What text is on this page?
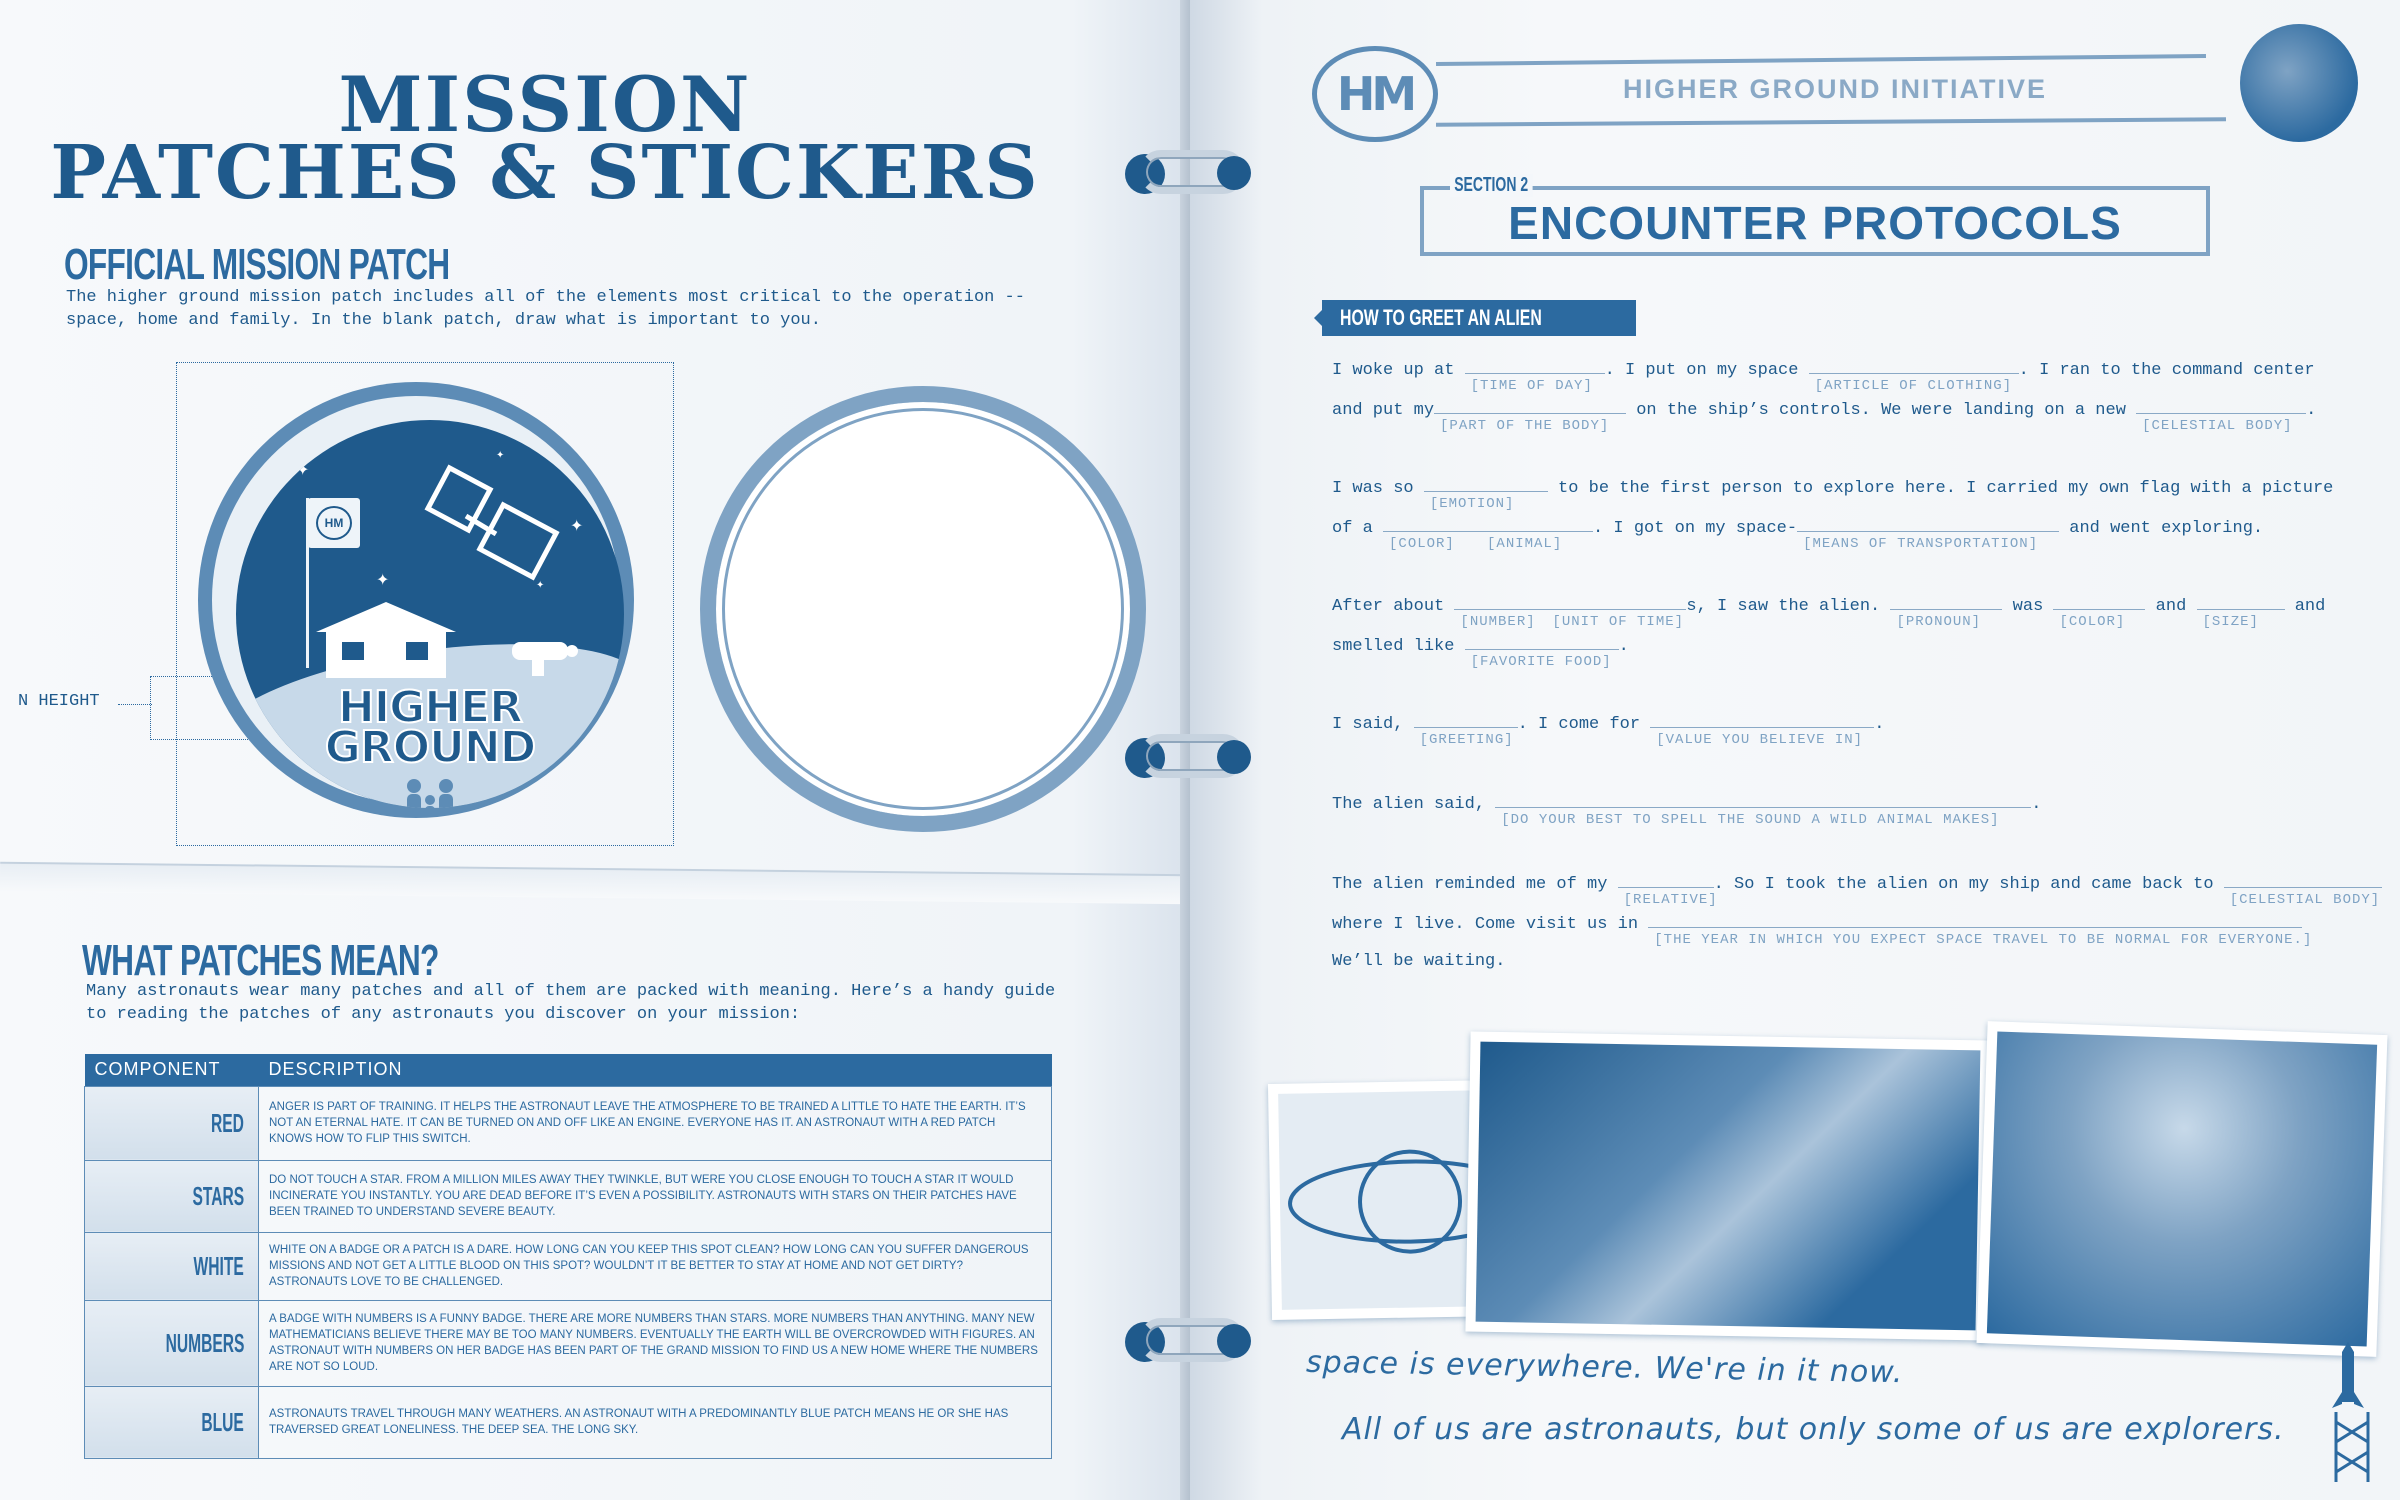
MISSION
PATCHES & STICKERS
OFFICIAL MISSION PATCH
The higher ground mission patch includes all of the elements most critical to the operation -- space, home and family. In the blank patch, draw what is important to you.
N HEIGHT
✦
✦
✦	✦
✦
HM
HIGHER
GROUND
WHAT PATCHES MEAN?
Many astronauts wear many patches and all of them are packed with meaning. Here’s a handy guide to reading the patches of any astronauts you discover on your mission:
COMPONENT	DESCRIPTION
RED	ANGER IS PART OF TRAINING. IT HELPS THE ASTRONAUT LEAVE THE ATMOSPHERE TO BE TRAINED A LITTLE TO HATE THE EARTH. IT’S NOT AN ETERNAL HATE. IT CAN BE TURNED ON AND OFF LIKE AN ENGINE. EVERYONE HAS IT. AN ASTRONAUT WITH A RED PATCH KNOWS HOW TO FLIP THIS SWITCH.
STARS	DO NOT TOUCH A STAR. FROM A MILLION MILES AWAY THEY TWINKLE, BUT WERE YOU CLOSE ENOUGH TO TOUCH A STAR IT WOULD INCINERATE YOU INSTANTLY. YOU ARE DEAD BEFORE IT’S EVEN A POSSIBILITY. ASTRONAUTS WITH STARS ON THEIR PATCHES HAVE BEEN TRAINED TO UNDERSTAND SEVERE BEAUTY.
WHITE	WHITE ON A BADGE OR A PATCH IS A DARE. HOW LONG CAN YOU KEEP THIS SPOT CLEAN? HOW LONG CAN YOU SUFFER DANGEROUS MISSIONS AND NOT GET A LITTLE BLOOD ON THIS SPOT? WOULDN’T IT BE BETTER TO STAY AT HOME AND NOT GET DIRTY? ASTRONAUTS LOVE TO BE CHALLENGED.
NUMBERS	A BADGE WITH NUMBERS IS A FUNNY BADGE. THERE ARE MORE NUMBERS THAN STARS. MORE NUMBERS THAN ANYTHING. MANY NEW MATHEMATICIANS BELIEVE THERE MAY BE TOO MANY NUMBERS. EVENTUALLY THE EARTH WILL BE OVERCROWDED WITH FIGURES. AN ASTRONAUT WITH NUMBERS ON HER BADGE HAS BEEN PART OF THE GRAND MISSION TO FIND US A NEW HOME WHERE THE NUMBERS ARE NOT SO LOUD.
BLUE	ASTRONAUTS TRAVEL THROUGH MANY WEATHERS. AN ASTRONAUT WITH A PREDOMINANTLY BLUE PATCH MEANS HE OR SHE HAS TRAVERSED GREAT LONELINESS. THE DEEP SEA. THE LONG SKY.
HM	HIGHER GROUND INITIATIVE
SECTION 2
ENCOUNTER PROTOCOLS
HOW TO GREET AN ALIEN
I woke up at
[TIME OF DAY]
. I put on my space
[ARTICLE OF CLOTHING]
. I ran to the command center
and put my
[PART OF THE BODY]
on the ship’s controls. We were landing on a new
[CELESTIAL BODY]
.
I was so
[EMOTION]
to be the first person to explore here. I carried my own flag with a picture
of a
[COLOR] [ANIMAL]
. I got on my space-
[MEANS OF TRANSPORTATION]
and went exploring.
After about
[NUMBER] [UNIT OF TIME]
s, I saw the alien.
[PRONOUN]
was
[COLOR]
and
[SIZE]
and
smelled like
[FAVORITE FOOD]
.
I said,
[GREETING]
. I come for
[VALUE YOU BELIEVE IN]
.
The alien said,
[DO YOUR BEST TO SPELL THE SOUND A WILD ANIMAL MAKES]
.
The alien reminded me of my
[RELATIVE]
. So I took the alien on my ship and came back to
[CELESTIAL BODY]
where I live. Come visit us in
[THE YEAR IN WHICH YOU EXPECT SPACE TRAVEL TO BE NORMAL FOR EVERYONE.]
We’ll be waiting.
space is everywhere. We're in it now.
All of us are astronauts, but only some of us are explorers.
